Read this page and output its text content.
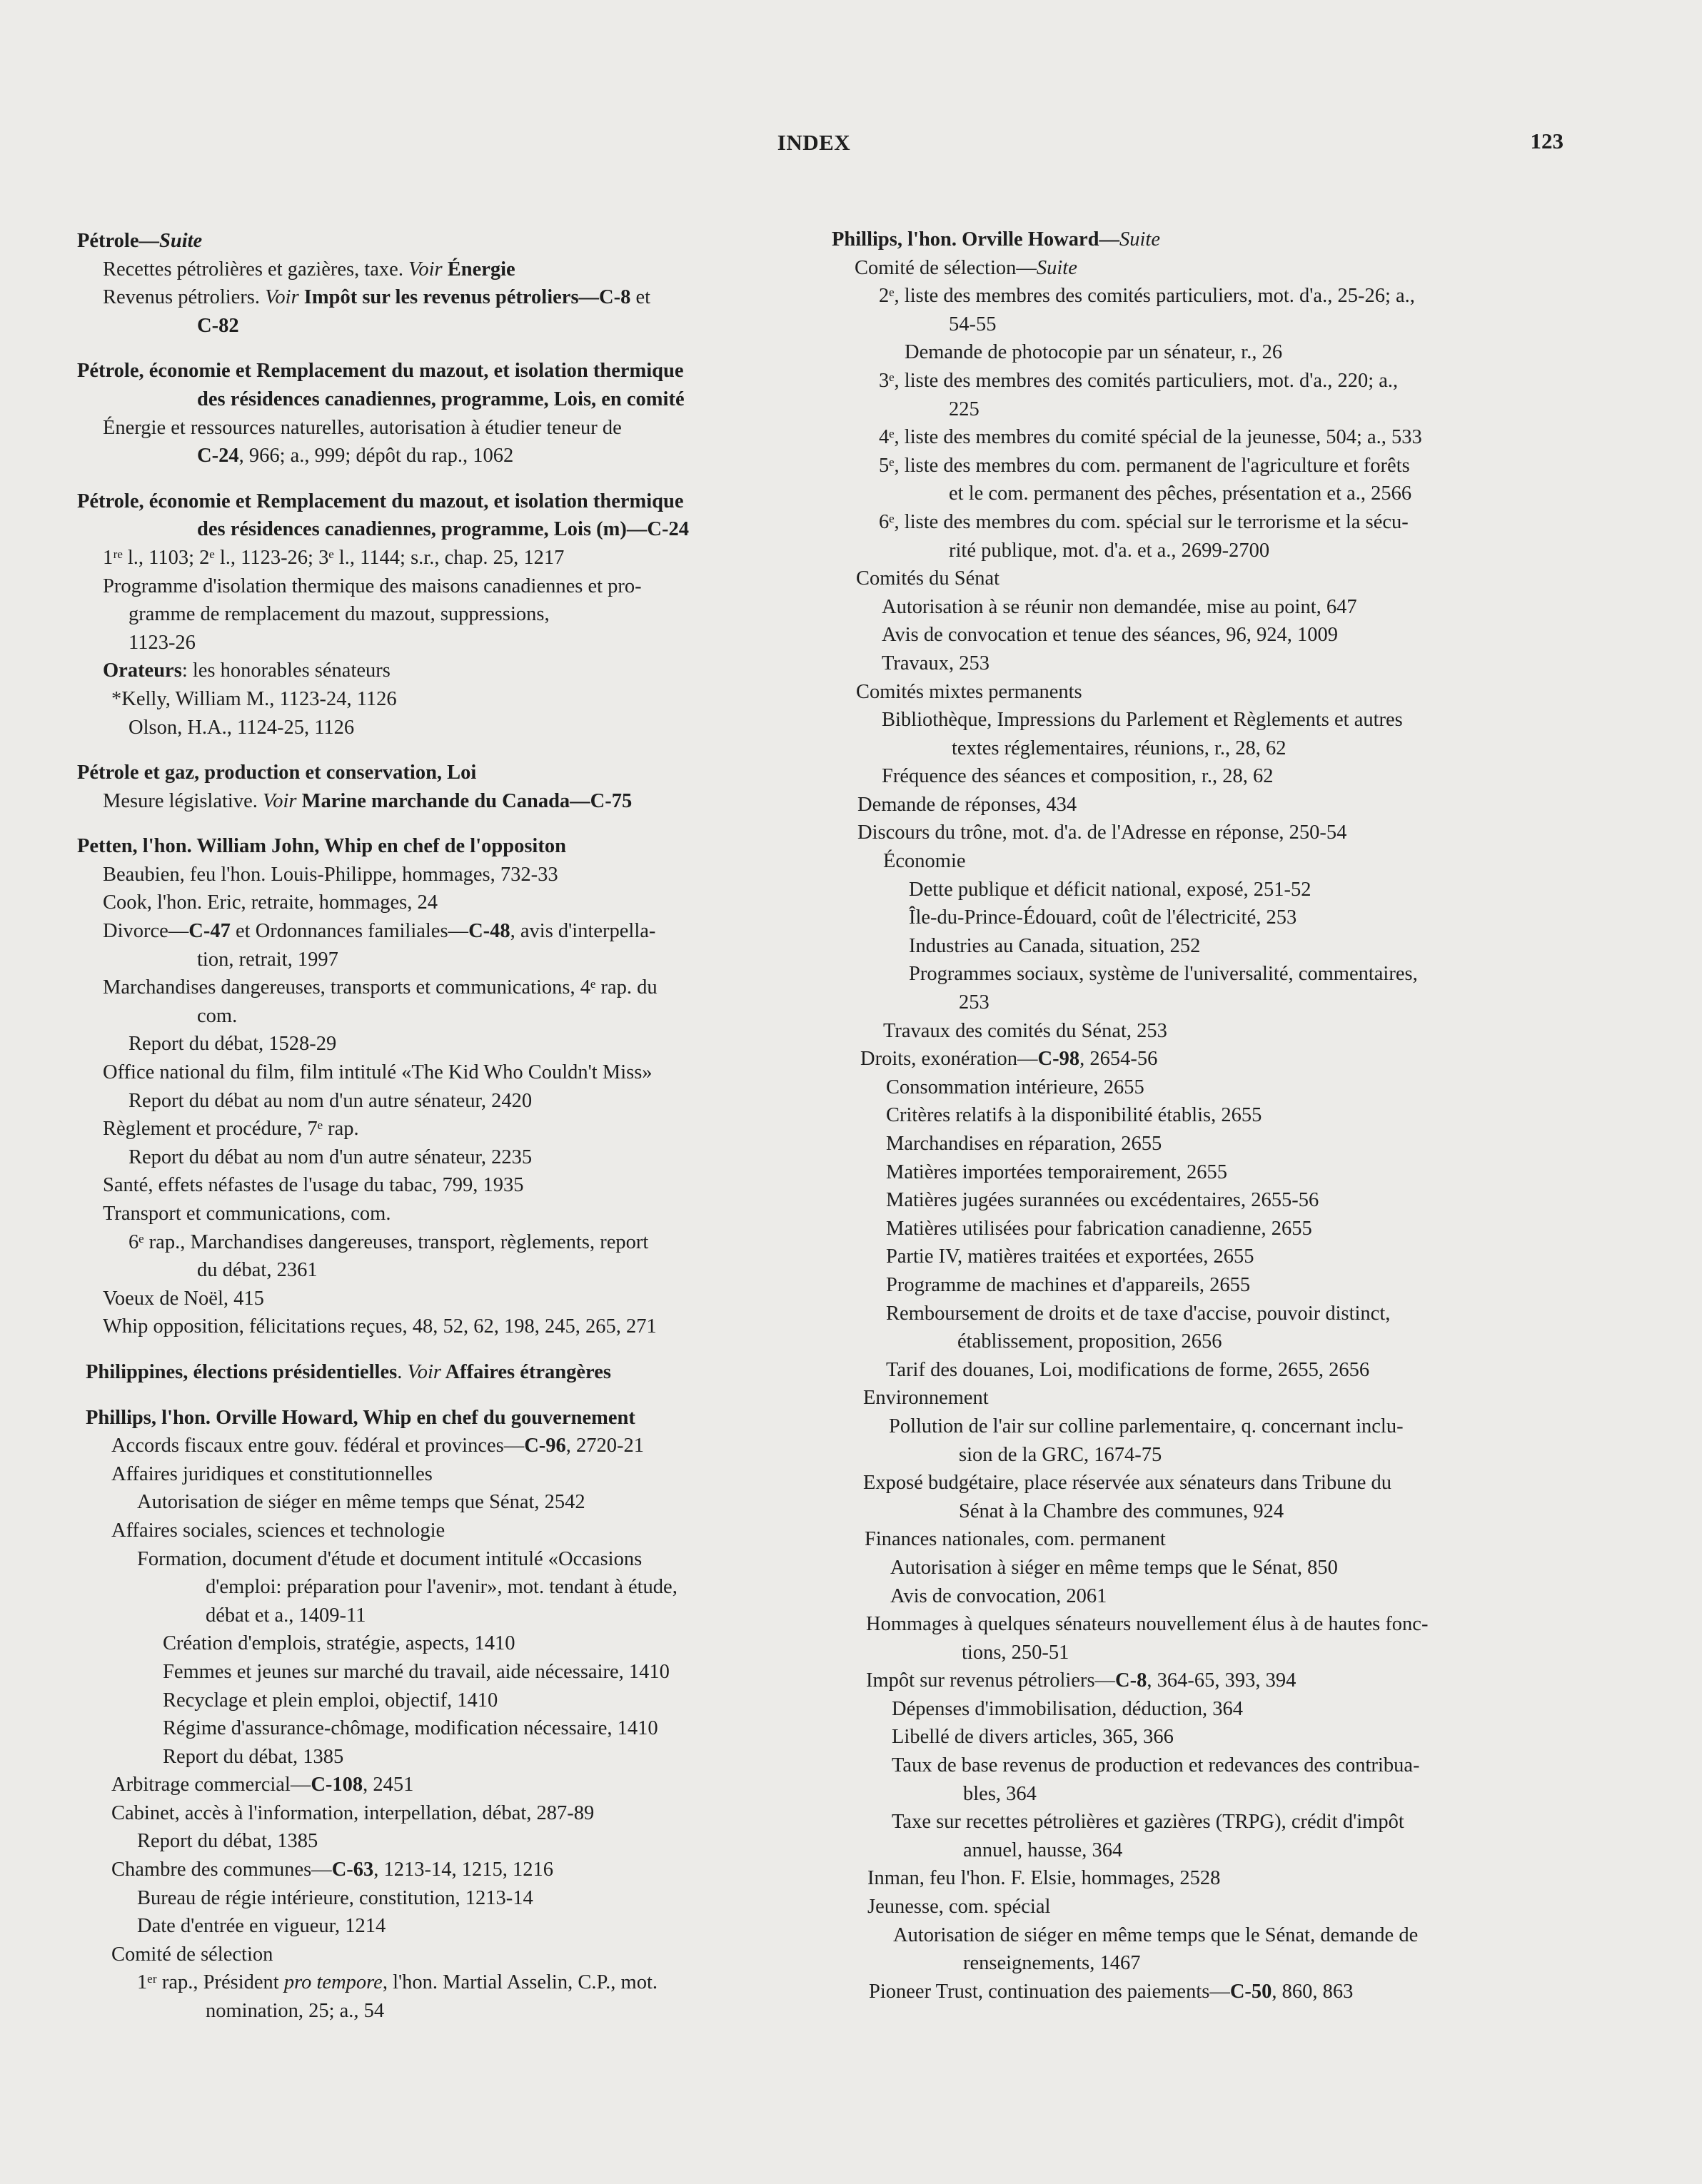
INDEX	123
Pétrole—Suite
Recettes pétrolières et gazières, taxe. Voir Énergie
Revenus pétroliers. Voir Impôt sur les revenus pétroliers—C-8 et
C-82
Pétrole, économie et Remplacement du mazout, et isolation thermique
des résidences canadiennes, programme, Lois, en comité
Énergie et ressources naturelles, autorisation à étudier teneur de
C-24, 966; a., 999; dépôt du rap., 1062
Pétrole, économie et Remplacement du mazout, et isolation thermique
des résidences canadiennes, programme, Lois (m)—C-24
1ʳᵉ l., 1103; 2ᵉ l., 1123-26; 3ᵉ l., 1144; s.r., chap. 25, 1217
Programme d'isolation thermique des maisons canadiennes et pro-
gramme de remplacement du mazout, suppressions,
1123-26
Orateurs: les honorables sénateurs
*Kelly, William M., 1123-24, 1126
Olson, H.A., 1124-25, 1126
Pétrole et gaz, production et conservation, Loi
Mesure législative. Voir Marine marchande du Canada—C-75
Petten, l'hon. William John, Whip en chef de l'oppositon
Beaubien, feu l'hon. Louis-Philippe, hommages, 732-33
Cook, l'hon. Eric, retraite, hommages, 24
Divorce—C-47 et Ordonnances familiales—C-48, avis d'interpella-
tion, retrait, 1997
Marchandises dangereuses, transports et communications, 4ᵉ rap. du
com.
Report du débat, 1528-29
Office national du film, film intitulé «The Kid Who Couldn't Miss»
Report du débat au nom d'un autre sénateur, 2420
Règlement et procédure, 7ᵉ rap.
Report du débat au nom d'un autre sénateur, 2235
Santé, effets néfastes de l'usage du tabac, 799, 1935
Transport et communications, com.
6ᵉ rap., Marchandises dangereuses, transport, règlements, report
du débat, 2361
Voeux de Noël, 415
Whip opposition, félicitations reçues, 48, 52, 62, 198, 245, 265, 271
Philippines, élections présidentielles. Voir Affaires étrangères
Phillips, l'hon. Orville Howard, Whip en chef du gouvernement
Accords fiscaux entre gouv. fédéral et provinces—C-96, 2720-21
Affaires juridiques et constitutionnelles
Autorisation de siéger en même temps que Sénat, 2542
Affaires sociales, sciences et technologie
Formation, document d'étude et document intitulé «Occasions
d'emploi: préparation pour l'avenir», mot. tendant à étude,
débat et a., 1409-11
Création d'emplois, stratégie, aspects, 1410
Femmes et jeunes sur marché du travail, aide nécessaire, 1410
Recyclage et plein emploi, objectif, 1410
Régime d'assurance-chômage, modification nécessaire, 1410
Report du débat, 1385
Arbitrage commercial—C-108, 2451
Cabinet, accès à l'information, interpellation, débat, 287-89
Report du débat, 1385
Chambre des communes—C-63, 1213-14, 1215, 1216
Bureau de régie intérieure, constitution, 1213-14
Date d'entrée en vigueur, 1214
Comité de sélection
1ᵉʳ rap., Président pro tempore, l'hon. Martial Asselin, C.P., mot.
nomination, 25; a., 54
Phillips, l'hon. Orville Howard—Suite
Comité de sélection—Suite
2ᵉ, liste des membres des comités particuliers, mot. d'a., 25-26; a.,
54-55
Demande de photocopie par un sénateur, r., 26
3ᵉ, liste des membres des comités particuliers, mot. d'a., 220; a.,
225
4ᵉ, liste des membres du comité spécial de la jeunesse, 504; a., 533
5ᵉ, liste des membres du com. permanent de l'agriculture et forêts
et le com. permanent des pêches, présentation et a., 2566
6ᵉ, liste des membres du com. spécial sur le terrorisme et la sécu-
rité publique, mot. d'a. et a., 2699-2700
Comités du Sénat
Autorisation à se réunir non demandée, mise au point, 647
Avis de convocation et tenue des séances, 96, 924, 1009
Travaux, 253
Comités mixtes permanents
Bibliothèque, Impressions du Parlement et Règlements et autres
textes réglementaires, réunions, r., 28, 62
Fréquence des séances et composition, r., 28, 62
Demande de réponses, 434
Discours du trône, mot. d'a. de l'Adresse en réponse, 250-54
Économie
Dette publique et déficit national, exposé, 251-52
Île-du-Prince-Édouard, coût de l'électricité, 253
Industries au Canada, situation, 252
Programmes sociaux, système de l'universalité, commentaires,
253
Travaux des comités du Sénat, 253
Droits, exonération—C-98, 2654-56
Consommation intérieure, 2655
Critères relatifs à la disponibilité établis, 2655
Marchandises en réparation, 2655
Matières importées temporairement, 2655
Matières jugées surannées ou excédentaires, 2655-56
Matières utilisées pour fabrication canadienne, 2655
Partie IV, matières traitées et exportées, 2655
Programme de machines et d'appareils, 2655
Remboursement de droits et de taxe d'accise, pouvoir distinct,
établissement, proposition, 2656
Tarif des douanes, Loi, modifications de forme, 2655, 2656
Environnement
Pollution de l'air sur colline parlementaire, q. concernant inclu-
sion de la GRC, 1674-75
Exposé budgétaire, place réservée aux sénateurs dans Tribune du
Sénat à la Chambre des communes, 924
Finances nationales, com. permanent
Autorisation à siéger en même temps que le Sénat, 850
Avis de convocation, 2061
Hommages à quelques sénateurs nouvellement élus à de hautes fonc-
tions, 250-51
Impôt sur revenus pétroliers—C-8, 364-65, 393, 394
Dépenses d'immobilisation, déduction, 364
Libellé de divers articles, 365, 366
Taux de base revenus de production et redevances des contribua-
bles, 364
Taxe sur recettes pétrolières et gazières (TRPG), crédit d'impôt
annuel, hausse, 364
Inman, feu l'hon. F. Elsie, hommages, 2528
Jeunesse, com. spécial
Autorisation de siéger en même temps que le Sénat, demande de
renseignements, 1467
Pioneer Trust, continuation des paiements—C-50, 860, 863
